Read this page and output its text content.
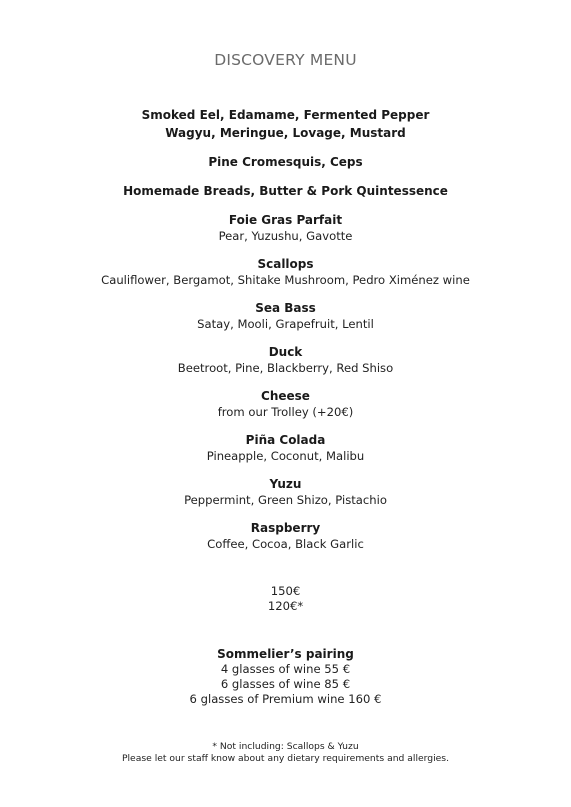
DISCOVERY MENU
Smoked Eel, Edamame, Fermented Pepper
Wagyu, Meringue, Lovage, Mustard
Pine Cromesquis, Ceps
Homemade Breads, Butter & Pork Quintessence
Foie Gras Parfait
Pear, Yuzushu, Gavotte
Scallops
Cauliflower, Bergamot, Shitake Mushroom, Pedro Ximénez wine
Sea Bass
Satay, Mooli, Grapefruit, Lentil
Duck
Beetroot, Pine, Blackberry, Red Shiso
Cheese
from our Trolley (+20€)
Piña Colada
Pineapple, Coconut, Malibu
Yuzu
Peppermint, Green Shizo, Pistachio
Raspberry
Coffee, Cocoa, Black Garlic
150€
120€*
Sommelier’s pairing
4 glasses of wine 55 €
6 glasses of wine 85 €
6 glasses of Premium wine 160 €
* Not including: Scallops & Yuzu
Please let our staff know about any dietary requirements and allergies.
